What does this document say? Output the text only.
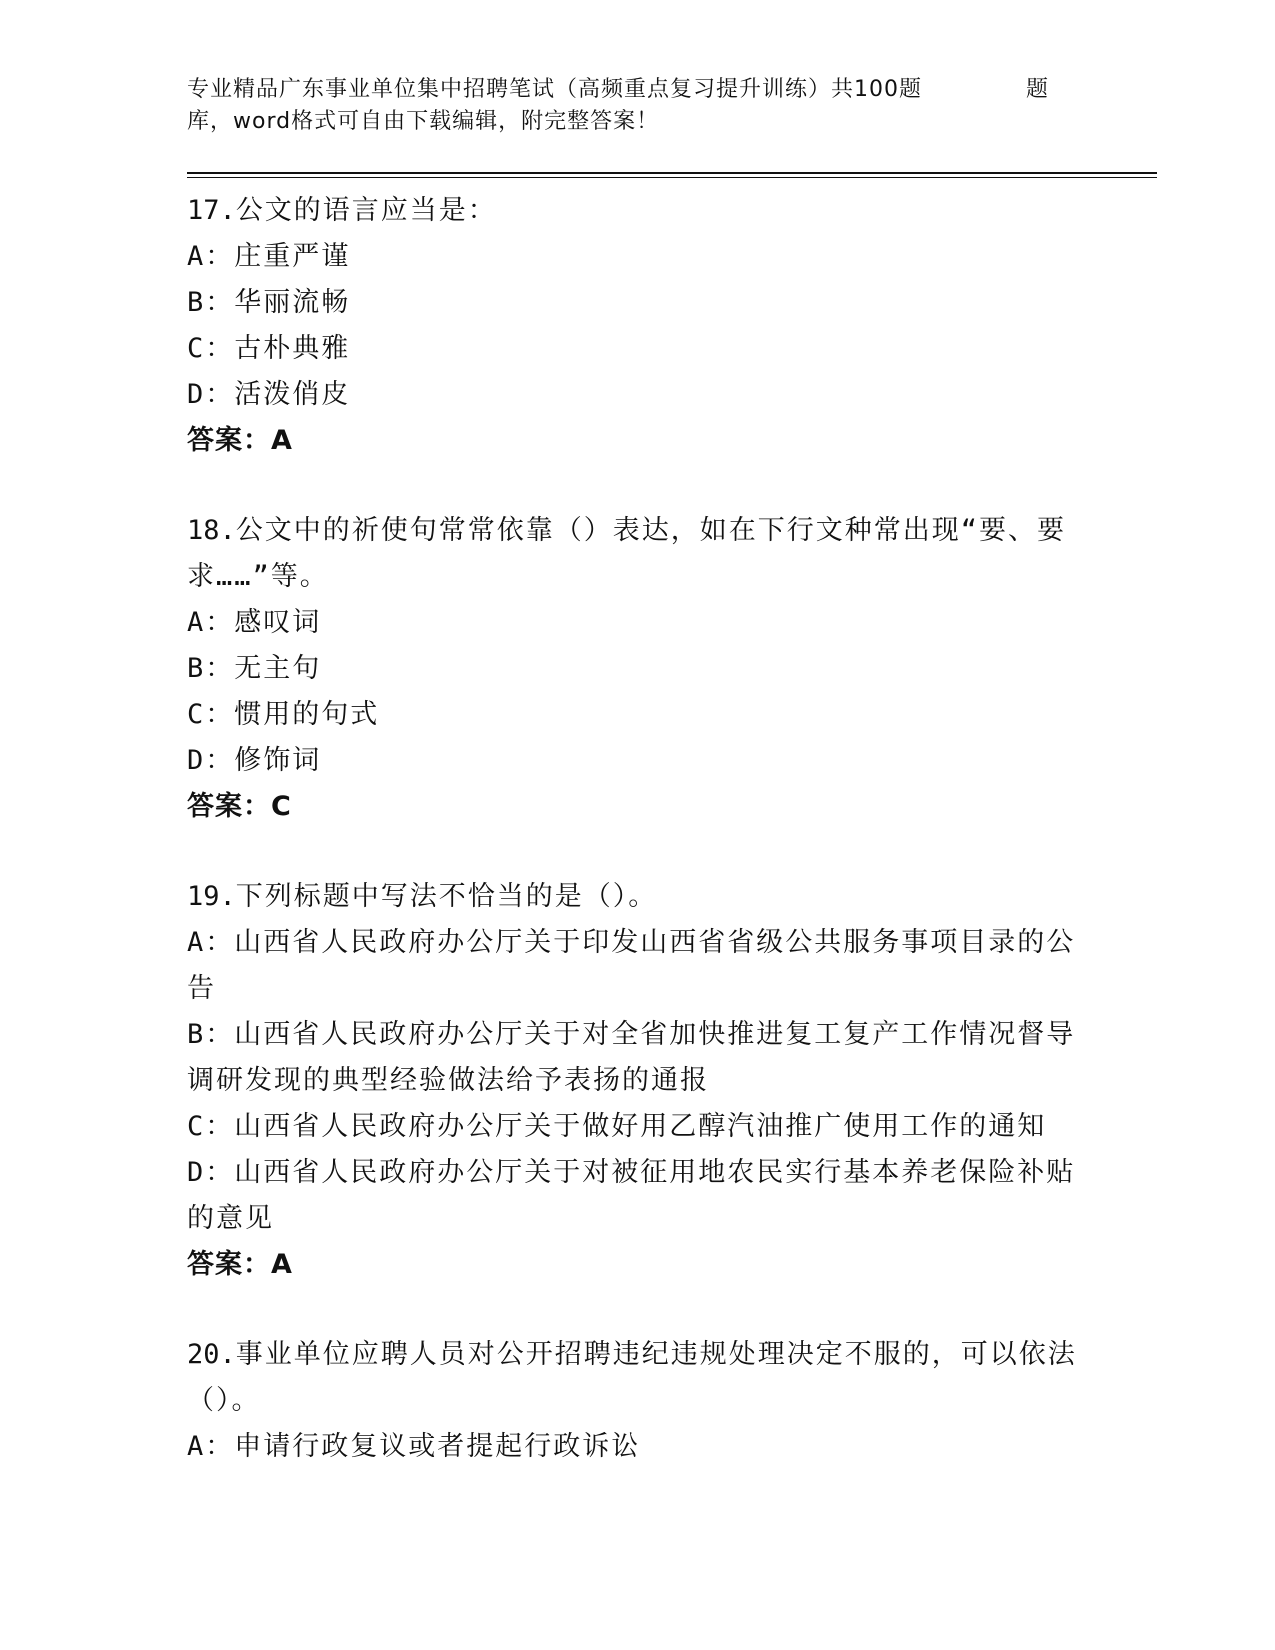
专业精品广东事业单位集中招聘笔试（高频重点复习提升训练）共100题	题
库，word格式可自由下载编辑，附完整答案！

17.公文的语言应当是：

A：庄重严谨

B：华丽流畅

C：古朴典雅

D：活泼俏皮

答案：A

18.公文中的祈使句常常依靠（）表达，如在下行文种常出现“要、要求……”等。

A：感叹词

B：无主句

C：惯用的句式

D：修饰词

答案：C

19.下列标题中写法不恰当的是（）。

A：山西省人民政府办公厅关于印发山西省省级公共服务事项目录的公告

B：山西省人民政府办公厅关于对全省加快推进复工复产工作情况督导调研发现的典型经验做法给予表扬的通报

C：山西省人民政府办公厅关于做好用乙醇汽油推广使用工作的通知

D：山西省人民政府办公厅关于对被征用地农民实行基本养老保险补贴的意见

答案：A

20.事业单位应聘人员对公开招聘违纪违规处理决定不服的，可以依法（）。

A：申请行政复议或者提起行政诉讼
